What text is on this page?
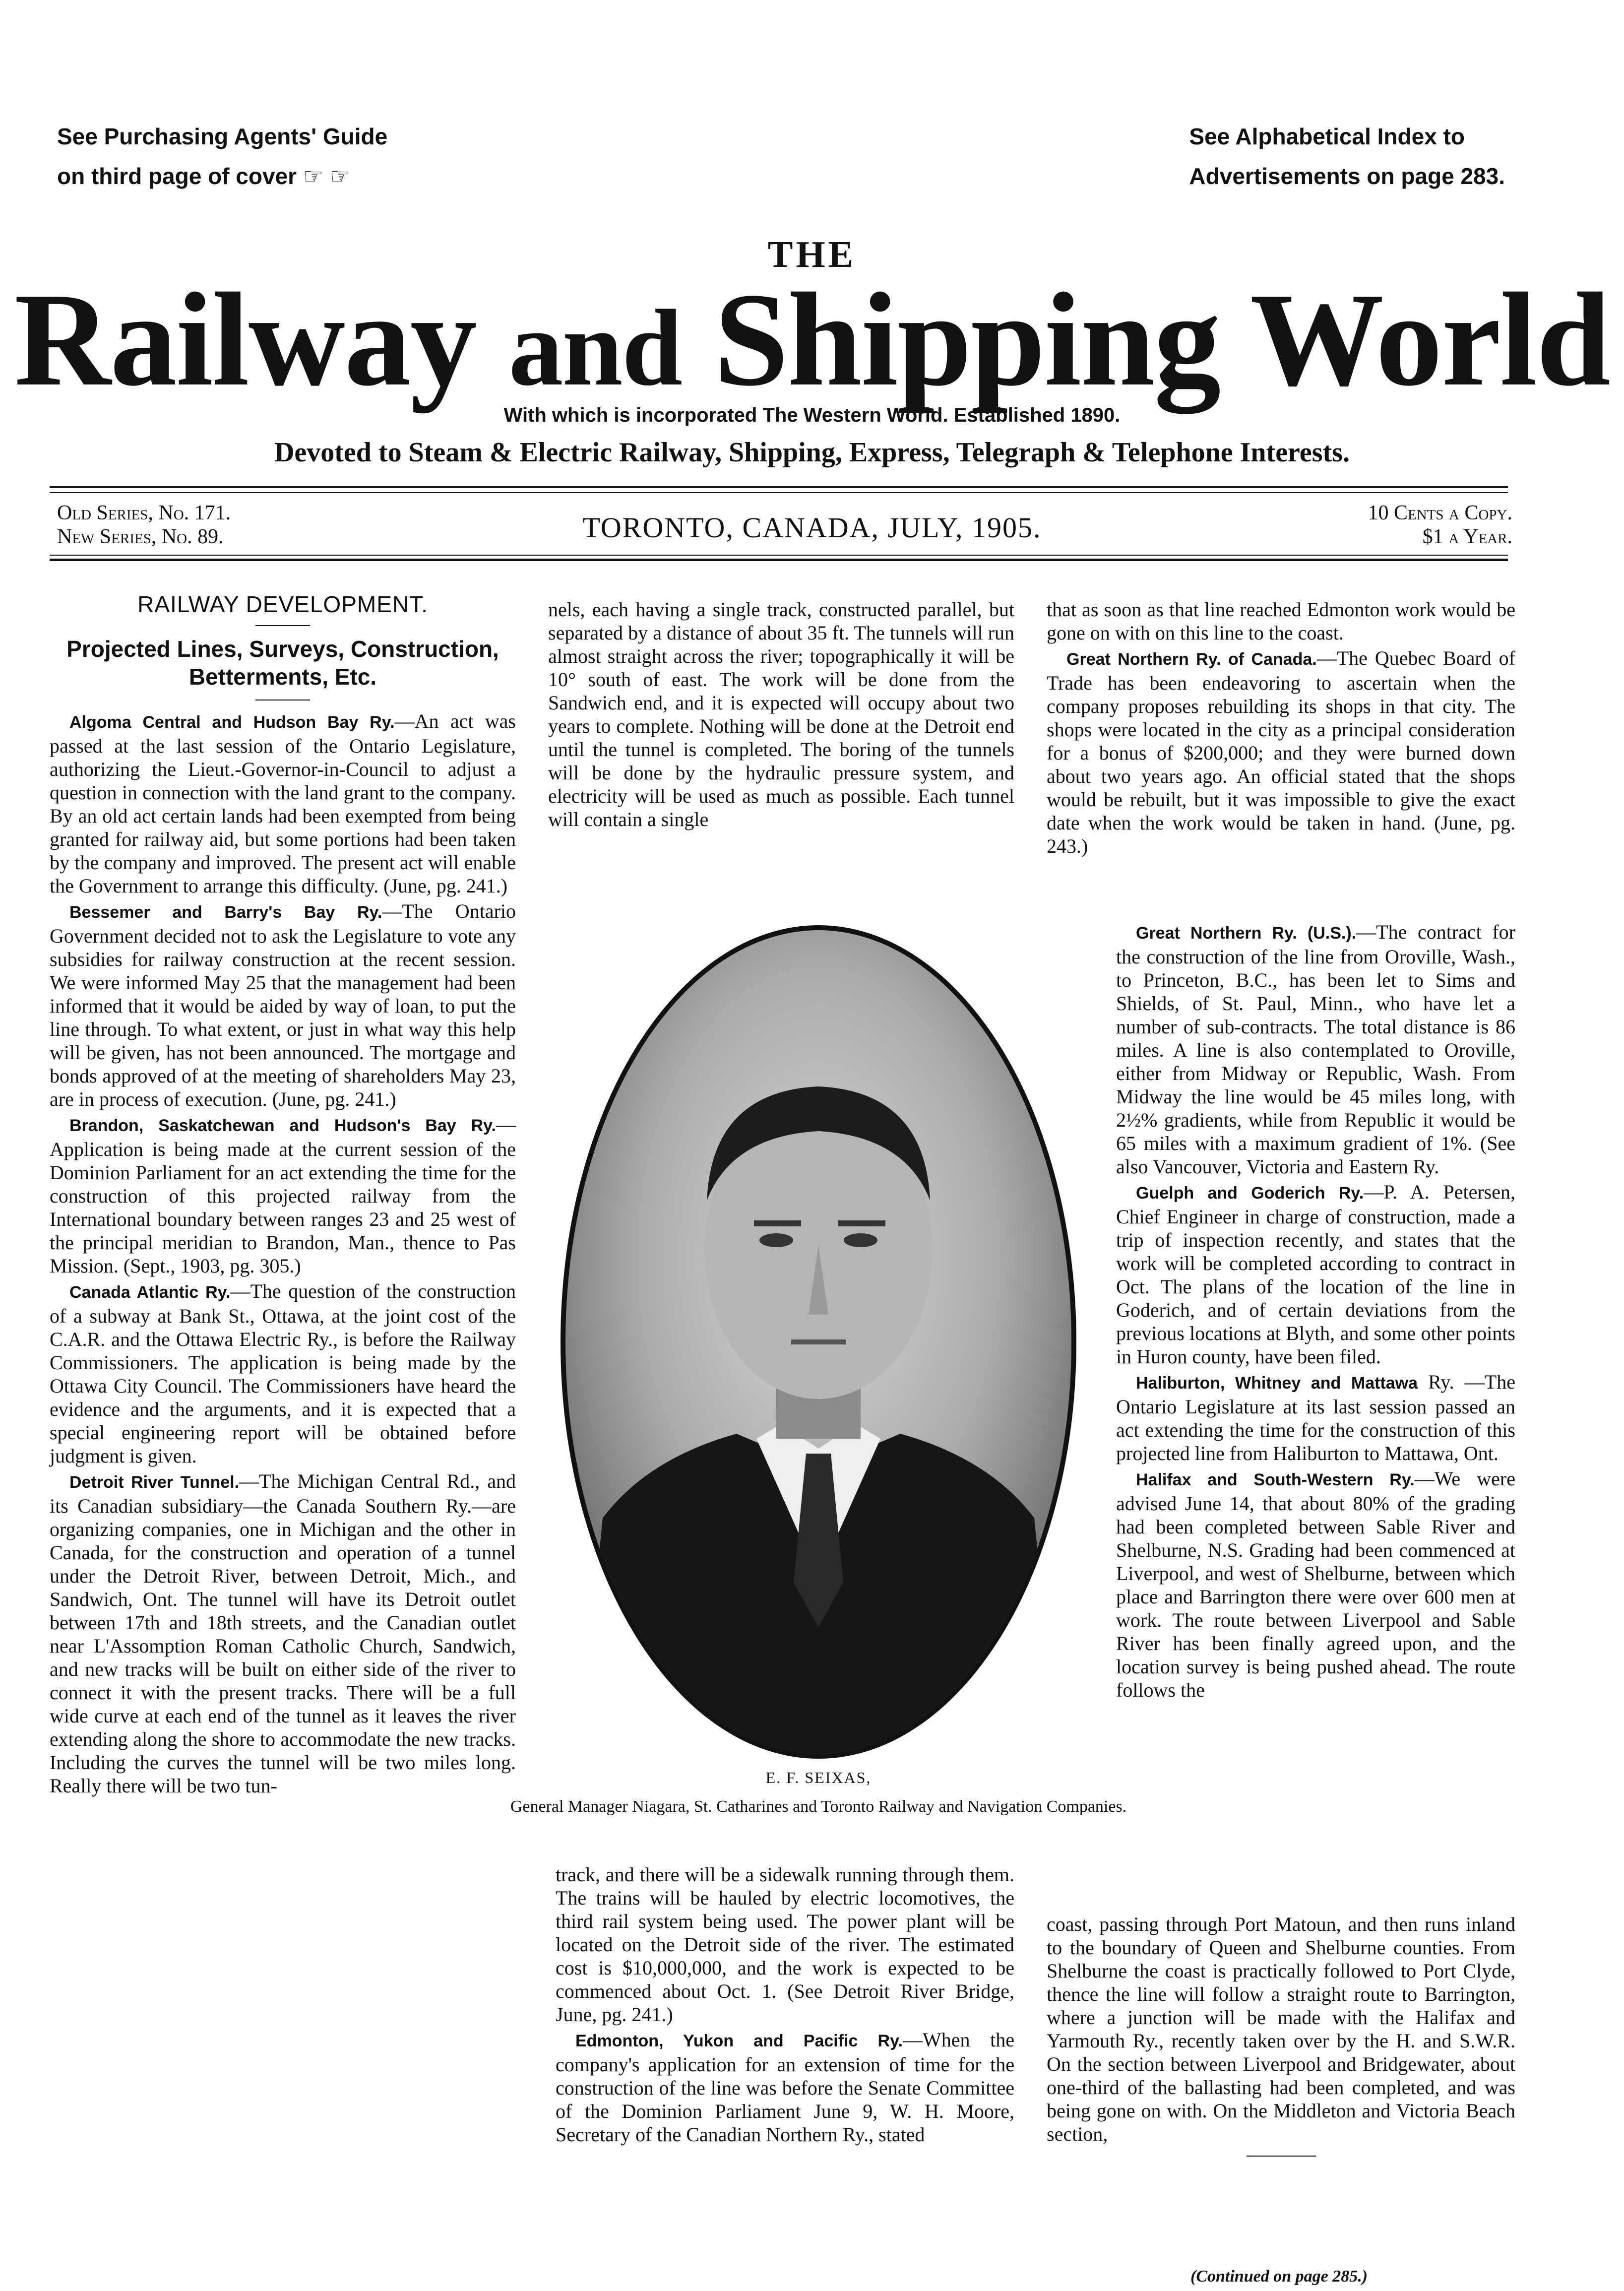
See Purchasing Agents' Guide
on third page of cover ☞ ☞
See Alphabetical Index to
Advertisements on page 283.
THE
Railway and Shipping World
With which is incorporated The Western World. Established 1890.
Devoted to Steam & Electric Railway, Shipping, Express, Telegraph & Telephone Interests.
Old Series, No. 171.
New Series, No. 89.	TORONTO, CANADA, JULY, 1905.	10 Cents a Copy.
$1 a Year.
RAILWAY DEVELOPMENT.
Projected Lines, Surveys, Construction,
Betterments, Etc.

Algoma Central and Hudson Bay Ry.—An act was passed at the last session of the Ontario Legislature, authorizing the Lieut.-Governor-in-Council to adjust a question in connection with the land grant to the company. By an old act certain lands had been exempted from being granted for railway aid, but some portions had been taken by the company and improved. The present act will enable the Government to arrange this difficulty. (June, pg. 241.)

Bessemer and Barry's Bay Ry.—The Ontario Government decided not to ask the Legislature to vote any subsidies for railway construction at the recent session. We were informed May 25 that the management had been informed that it would be aided by way of loan, to put the line through. To what extent, or just in what way this help will be given, has not been announced. The mortgage and bonds approved of at the meeting of shareholders May 23, are in process of execution. (June, pg. 241.)

Brandon, Saskatchewan and Hudson's Bay Ry.—Application is being made at the current session of the Dominion Parliament for an act extending the time for the construction of this projected railway from the International boundary between ranges 23 and 25 west of the principal meridian to Brandon, Man., thence to Pas Mission. (Sept., 1903, pg. 305.)

Canada Atlantic Ry.—The question of the construction of a subway at Bank St., Ottawa, at the joint cost of the C.A.R. and the Ottawa Electric Ry., is before the Railway Commissioners. The application is being made by the Ottawa City Council. The Commissioners have heard the evidence and the arguments, and it is expected that a special engineering report will be obtained before judgment is given.

Detroit River Tunnel.—The Michigan Central Rd., and its Canadian subsidiary—the Canada Southern Ry.—are organizing companies, one in Michigan and the other in Canada, for the construction and operation of a tunnel under the Detroit River, between Detroit, Mich., and Sandwich, Ont. The tunnel will have its Detroit outlet between 17th and 18th streets, and the Canadian outlet near L'Assomption Roman Catholic Church, Sandwich, and new tracks will be built on either side of the river to connect it with the present tracks. There will be a full wide curve at each end of the tunnel as it leaves the river extending along the shore to accommodate the new tracks. Including the curves the tunnel will be two miles long. Really there will be two tun-

nels, each having a single track, constructed parallel, but separated by a distance of about 35 ft. The tunnels will run almost straight across the river; topographically it will be 10° south of east. The work will be done from the Sandwich end, and it is expected will occupy about two years to complete. Nothing will be done at the Detroit end until the tunnel is completed. The boring of the tunnels will be done by the hydraulic pressure system, and electricity will be used as much as possible. Each tunnel will contain a single

E. F. SEIXAS,
General Manager Niagara, St. Catharines and Toronto Railway and Navigation Companies.

track, and there will be a sidewalk running through them. The trains will be hauled by electric locomotives, the third rail system being used. The power plant will be located on the Detroit side of the river. The estimated cost is $10,000,000, and the work is expected to be commenced about Oct. 1. (See Detroit River Bridge, June, pg. 241.)

Edmonton, Yukon and Pacific Ry.—When the company's application for an extension of time for the construction of the line was before the Senate Committee of the Dominion Parliament June 9, W. H. Moore, Secretary of the Canadian Northern Ry., stated

that as soon as that line reached Edmonton work would be gone on with on this line to the coast.

Great Northern Ry. of Canada.—The Quebec Board of Trade has been endeavoring to ascertain when the company proposes rebuilding its shops in that city. The shops were located in the city as a principal consideration for a bonus of $200,000; and they were burned down about two years ago. An official stated that the shops would be rebuilt, but it was impossible to give the exact date when the work would be taken in hand. (June, pg. 243.)

Great Northern Ry. (U.S.).—The contract for the construction of the line from Oroville, Wash., to Princeton, B.C., has been let to Sims and Shields, of St. Paul, Minn., who have let a number of sub-contracts. The total distance is 86 miles. A line is also contemplated to Oroville, either from Midway or Republic, Wash. From Midway the line would be 45 miles long, with 2½% gradients, while from Republic it would be 65 miles with a maximum gradient of 1%. (See also Vancouver, Victoria and Eastern Ry.

Guelph and Goderich Ry.—P. A. Petersen, Chief Engineer in charge of construction, made a trip of inspection recently, and states that the work will be completed according to contract in Oct. The plans of the location of the line in Goderich, and of certain deviations from the previous locations at Blyth, and some other points in Huron county, have been filed.

Haliburton, Whitney and Mattawa Ry. —The Ontario Legislature at its last session passed an act extending the time for the construction of this projected line from Haliburton to Mattawa, Ont.

Halifax and South-Western Ry.—We were advised June 14, that about 80% of the grading had been completed between Sable River and Shelburne, N.S. Grading had been commenced at Liverpool, and west of Shelburne, between which place and Barrington there were over 600 men at work. The route between Liverpool and Sable River has been finally agreed upon, and the location survey is being pushed ahead. The route follows the

coast, passing through Port Matoun, and then runs inland to the boundary of Queen and Shelburne counties. From Shelburne the coast is practically followed to Port Clyde, thence the line will follow a straight route to Barrington, where a junction will be made with the Halifax and Yarmouth Ry., recently taken over by the H. and S.W.R. On the section between Liverpool and Bridgewater, about one-third of the ballasting had been completed, and was being gone on with. On the Middleton and Victoria Beach section,

(Continued on page 285.)
